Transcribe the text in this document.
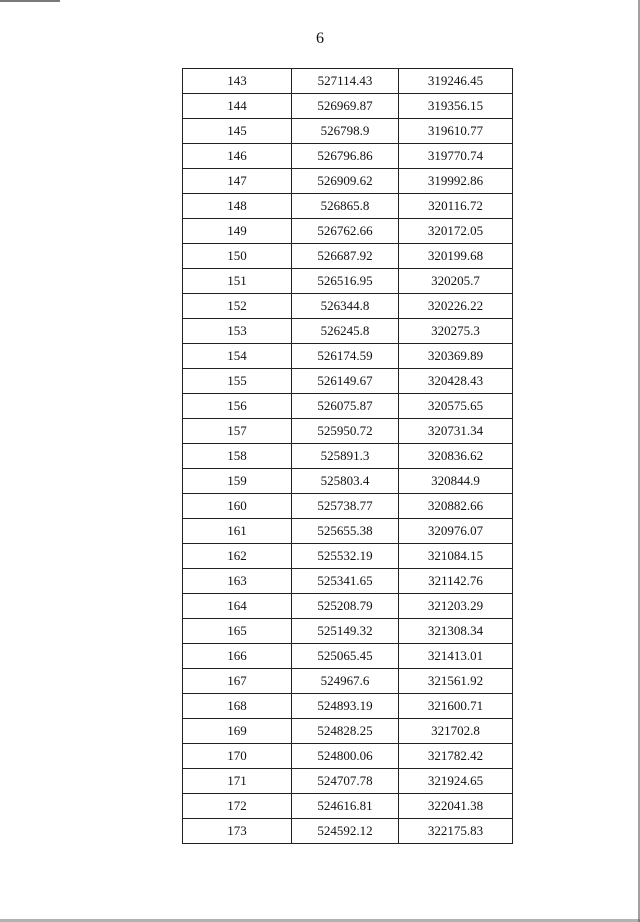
6
143	527114.43	319246.45
144	526969.87	319356.15
145	526798.9	319610.77
146	526796.86	319770.74
147	526909.62	319992.86
148	526865.8	320116.72
149	526762.66	320172.05
150	526687.92	320199.68
151	526516.95	320205.7
152	526344.8	320226.22
153	526245.8	320275.3
154	526174.59	320369.89
155	526149.67	320428.43
156	526075.87	320575.65
157	525950.72	320731.34
158	525891.3	320836.62
159	525803.4	320844.9
160	525738.77	320882.66
161	525655.38	320976.07
162	525532.19	321084.15
163	525341.65	321142.76
164	525208.79	321203.29
165	525149.32	321308.34
166	525065.45	321413.01
167	524967.6	321561.92
168	524893.19	321600.71
169	524828.25	321702.8
170	524800.06	321782.42
171	524707.78	321924.65
172	524616.81	322041.38
173	524592.12	322175.83
